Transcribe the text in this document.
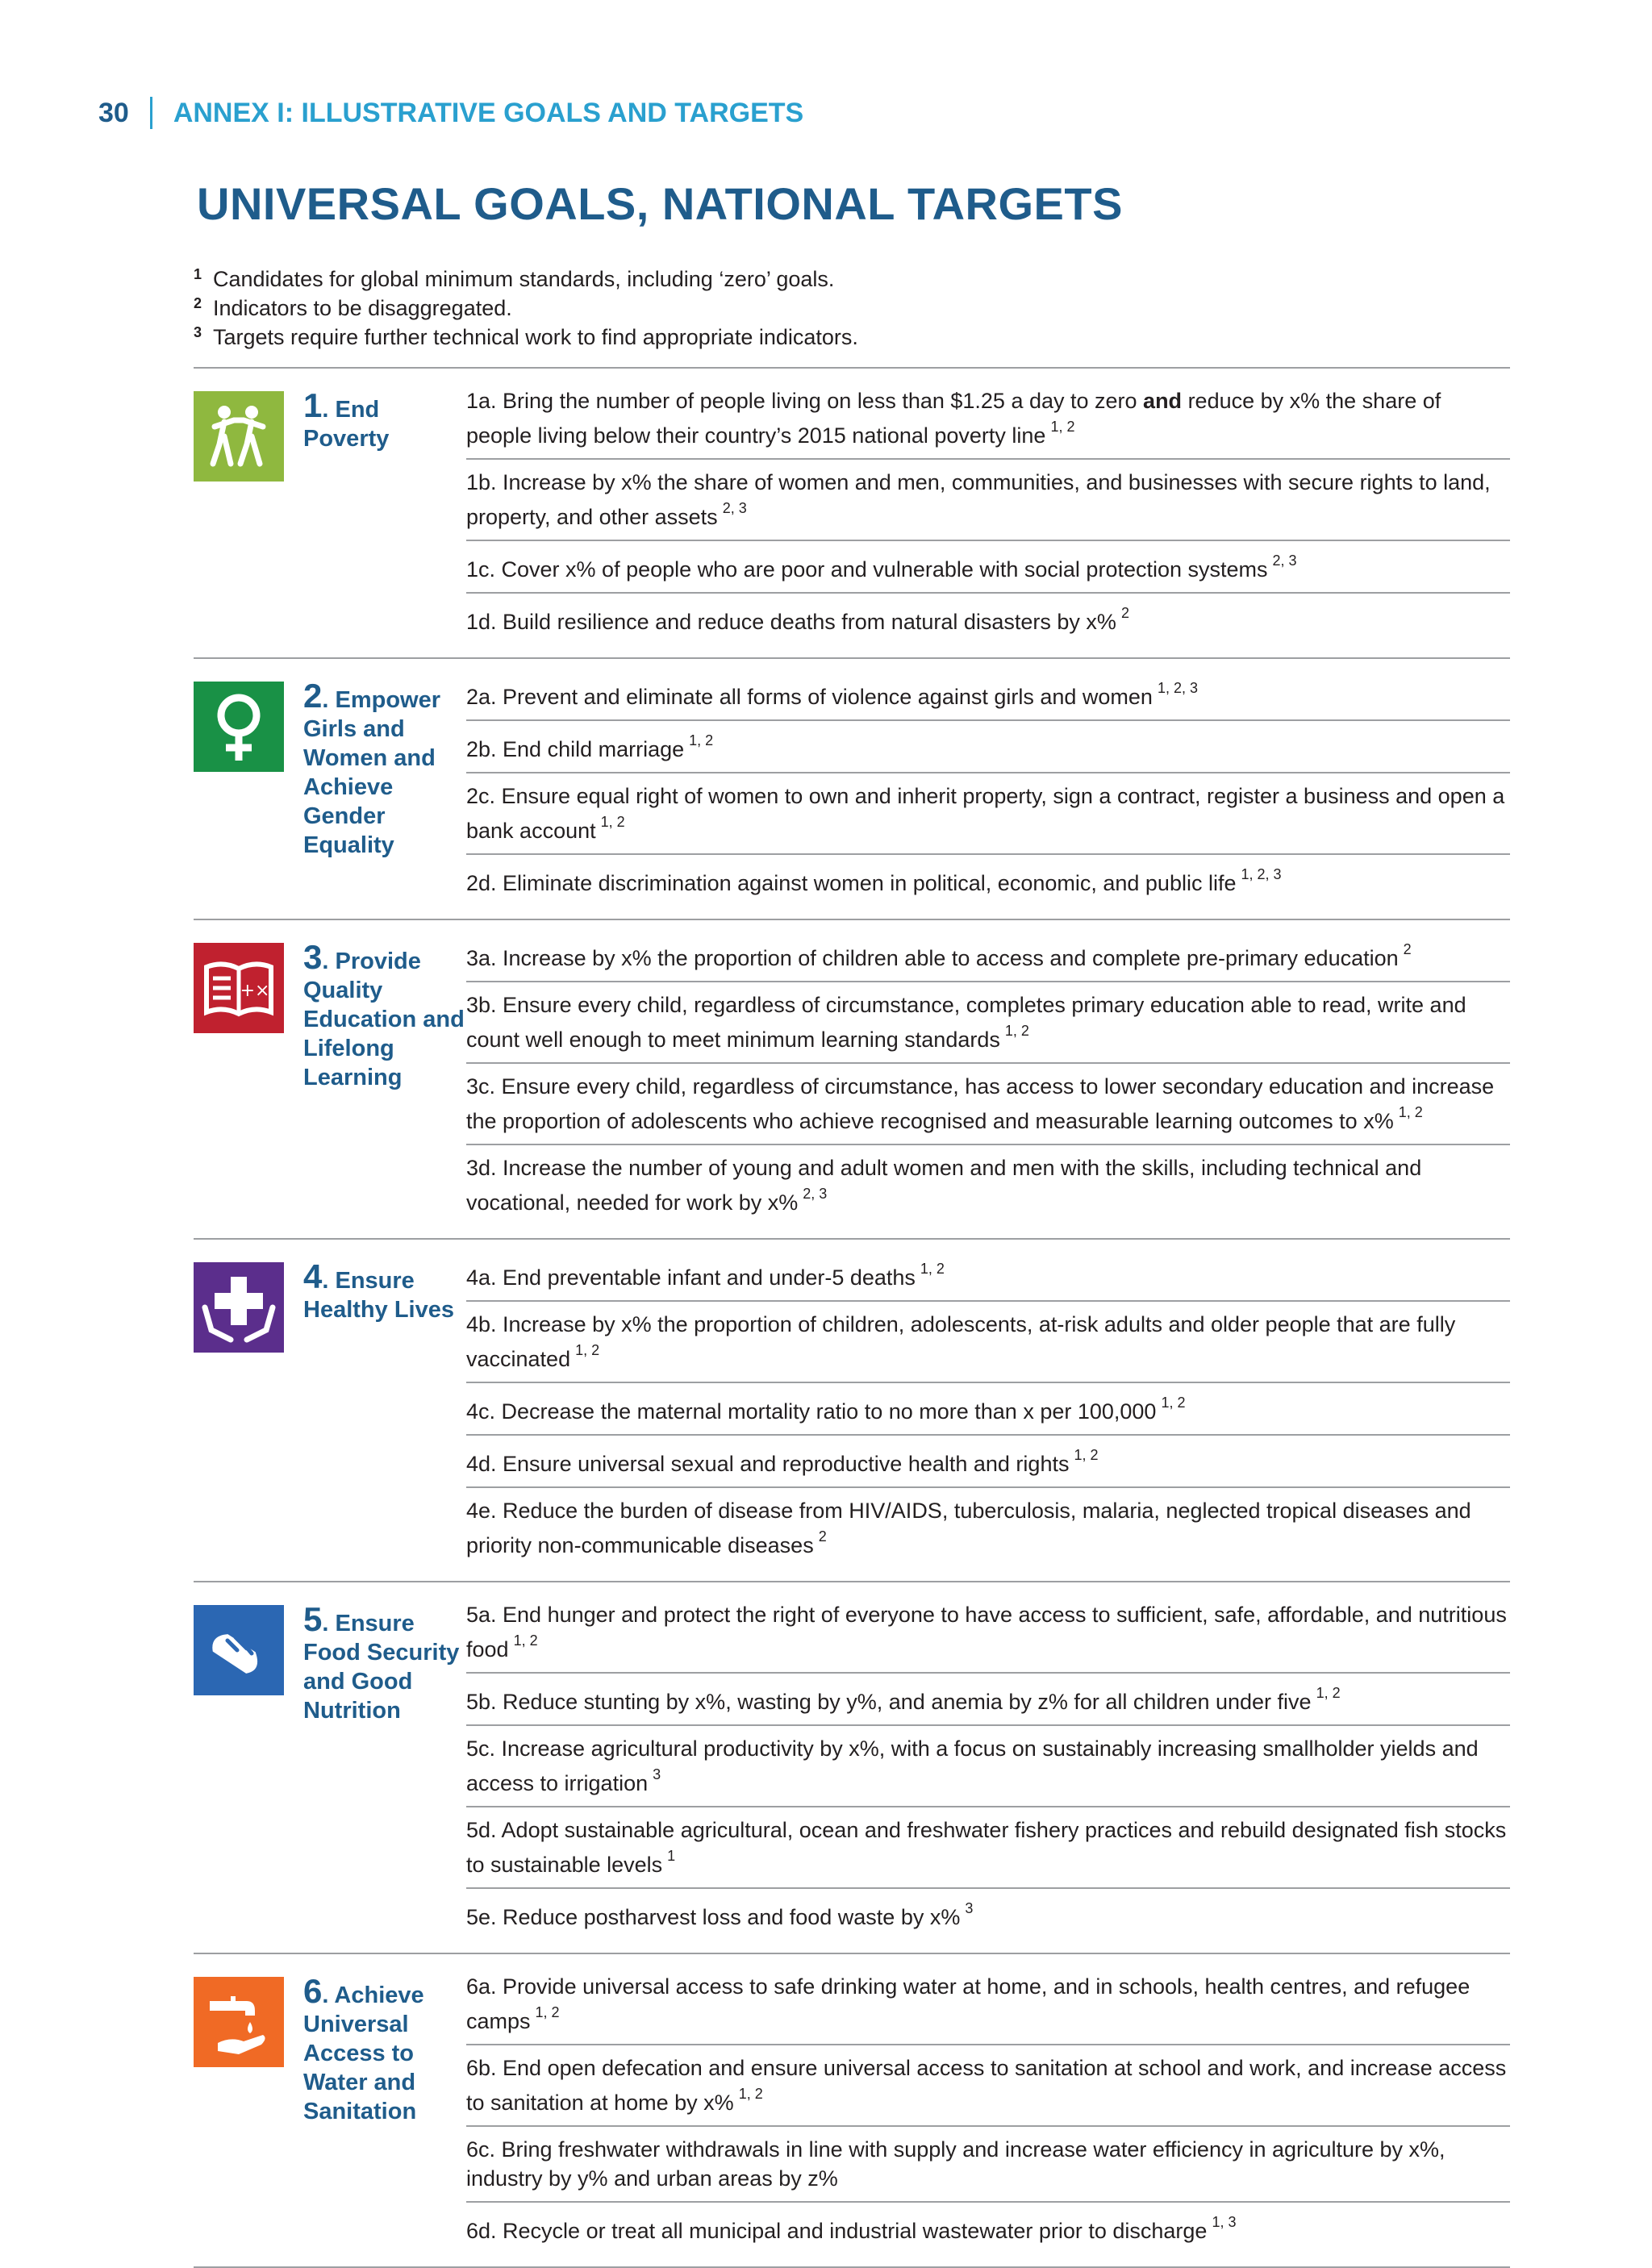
30 ANNEX I: ILLUSTRATIVE GOALS AND TARGETS
UNIVERSAL GOALS, NATIONAL TARGETS
$^1$ Candidates for global minimum standards, including ‘zero’ goals.
$^2$ Indicators to be disaggregated.
$^3$ Targets require further technical work to find appropriate indicators.
1. End Poverty
1a. Bring the number of people living on less than $1.25 a day to zero and reduce by x% the share of people living below their country’s 2015 national poverty line $^{1, 2}$
1b. Increase by x% the share of women and men, communities, and businesses with secure rights to land, property, and other assets $^{2, 3}$
1c. Cover x% of people who are poor and vulnerable with social protection systems $^{2, 3}$
1d. Build resilience and reduce deaths from natural disasters by x% $^2$
2. Empower Girls and Women and Achieve Gender Equality
2a. Prevent and eliminate all forms of violence against girls and women $^{1, 2, 3}$
2b. End child marriage $^{1, 2}$
2c. Ensure equal right of women to own and inherit property, sign a contract, register a business and open a bank account $^{1, 2}$
2d. Eliminate discrimination against women in political, economic, and public life $^{1, 2, 3}$
3. Provide Quality Education and Lifelong Learning
3a. Increase by x% the proportion of children able to access and complete pre-primary education $^2$
3b. Ensure every child, regardless of circumstance, completes primary education able to read, write and count well enough to meet minimum learning standards $^{1, 2}$
3c. Ensure every child, regardless of circumstance, has access to lower secondary education and increase the proportion of adolescents who achieve recognised and measurable learning outcomes to x% $^{1, 2}$
3d. Increase the number of young and adult women and men with the skills, including technical and vocational, needed for work by x% $^{2, 3}$
4. Ensure Healthy Lives
4a. End preventable infant and under-5 deaths $^{1, 2}$
4b. Increase by x% the proportion of children, adolescents, at-risk adults and older people that are fully vaccinated $^{1, 2}$
4c. Decrease the maternal mortality ratio to no more than x per 100,000 $^{1, 2}$
4d. Ensure universal sexual and reproductive health and rights $^{1, 2}$
4e. Reduce the burden of disease from HIV/AIDS, tuberculosis, malaria, neglected tropical diseases and priority non-communicable diseases $^2$
5. Ensure Food Security and Good Nutrition
5a. End hunger and protect the right of everyone to have access to sufficient, safe, affordable, and nutritious food $^{1, 2}$
5b. Reduce stunting by x%, wasting by y%, and anemia by z% for all children under five $^{1, 2}$
5c. Increase agricultural productivity by x%, with a focus on sustainably increasing smallholder yields and access to irrigation $^3$
5d. Adopt sustainable agricultural, ocean and freshwater fishery practices and rebuild designated fish stocks to sustainable levels $^1$
5e. Reduce postharvest loss and food waste by x% $^3$
6. Achieve Universal Access to Water and Sanitation
6a. Provide universal access to safe drinking water at home, and in schools, health centres, and refugee camps $^{1, 2}$
6b. End open defecation and ensure universal access to sanitation at school and work, and increase access to sanitation at home by x% $^{1, 2}$
6c. Bring freshwater withdrawals in line with supply and increase water efficiency in agriculture by x%, industry by y% and urban areas by z%
6d. Recycle or treat all municipal and industrial wastewater prior to discharge $^{1, 3}$
